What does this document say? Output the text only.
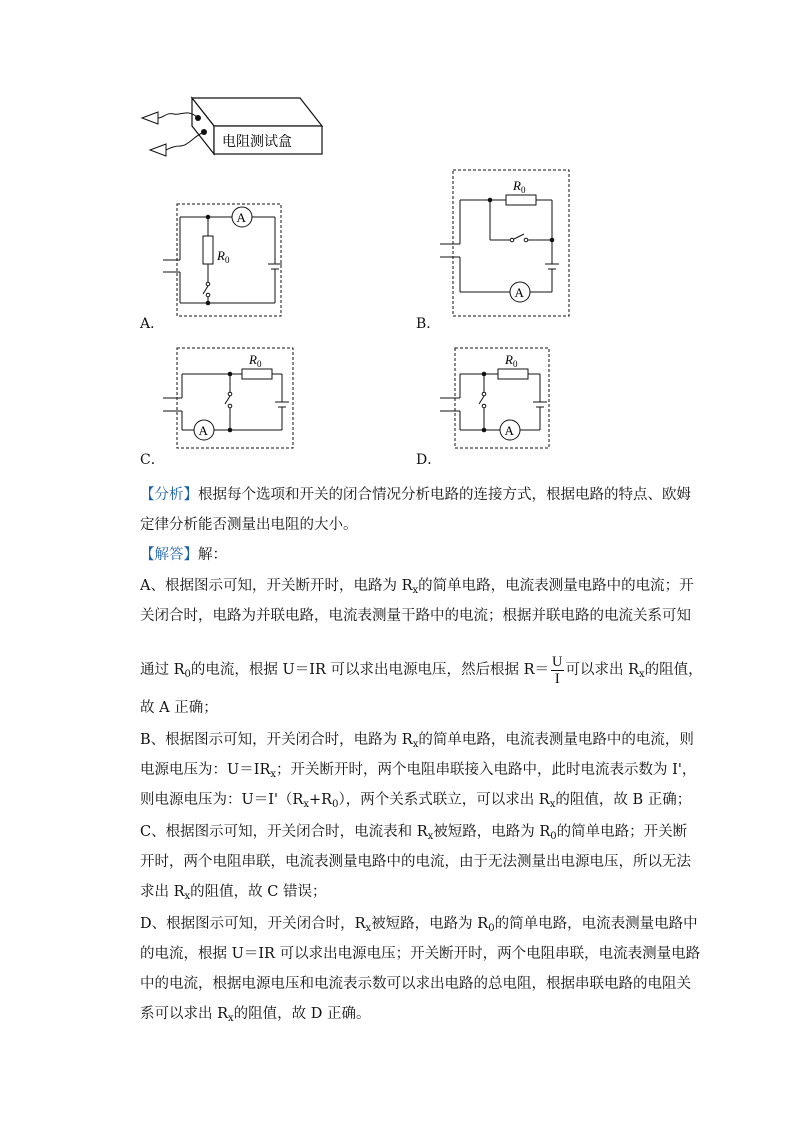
电阻测试盒
A
$R_0$
A．
$R_0$
A
B．
$R_0$
A
C．
$R_0$
A
D．
【分析】根据每个选项和开关的闭合情况分析电路的连接方式，根据电路的特点、欧姆
定律分析能否测量出电阻的大小。
【解答】解：
A、根据图示可知，开关断开时，电路为 $R_x$的简单电路，电流表测量电路中的电流；开
关闭合时，电路为并联电路，电流表测量干路中的电流；根据并联电路的电流关系可知
通过 $R_0$的电流，根据 U＝IR 可以求出电源电压，然后根据 $R= \frac{U}{I}$ 可以求出 $R_x$的阻值，
故 A 正确；
B、根据图示可知，开关闭合时，电路为 $R_x$的简单电路，电流表测量电路中的电流，则
电源电压为：$U=IR_x$；开关断开时，两个电阻串联接入电路中，此时电流表示数为 I'，
则电源电压为：$U=I'(R_x+R_0)$，两个关系式联立，可以求出 $R_x$的阻值，故 B 正确；
C、根据图示可知，开关闭合时，电流表和 $R_x$被短路，电路为 $R_0$的简单电路；开关断
开时，两个电阻串联，电流表测量电路中的电流，由于无法测量出电源电压，所以无法
求出 $R_x$的阻值，故 C 错误；
D、根据图示可知，开关闭合时，$R_x$被短路，电路为 $R_0$的简单电路，电流表测量电路中
的电流，根据 U＝IR 可以求出电源电压；开关断开时，两个电阻串联，电流表测量电路
中的电流，根据电源电压和电流表示数可以求出电路的总电阻，根据串联电路的电阻关
系可以求出 $R_x$的阻值，故 D 正确。
